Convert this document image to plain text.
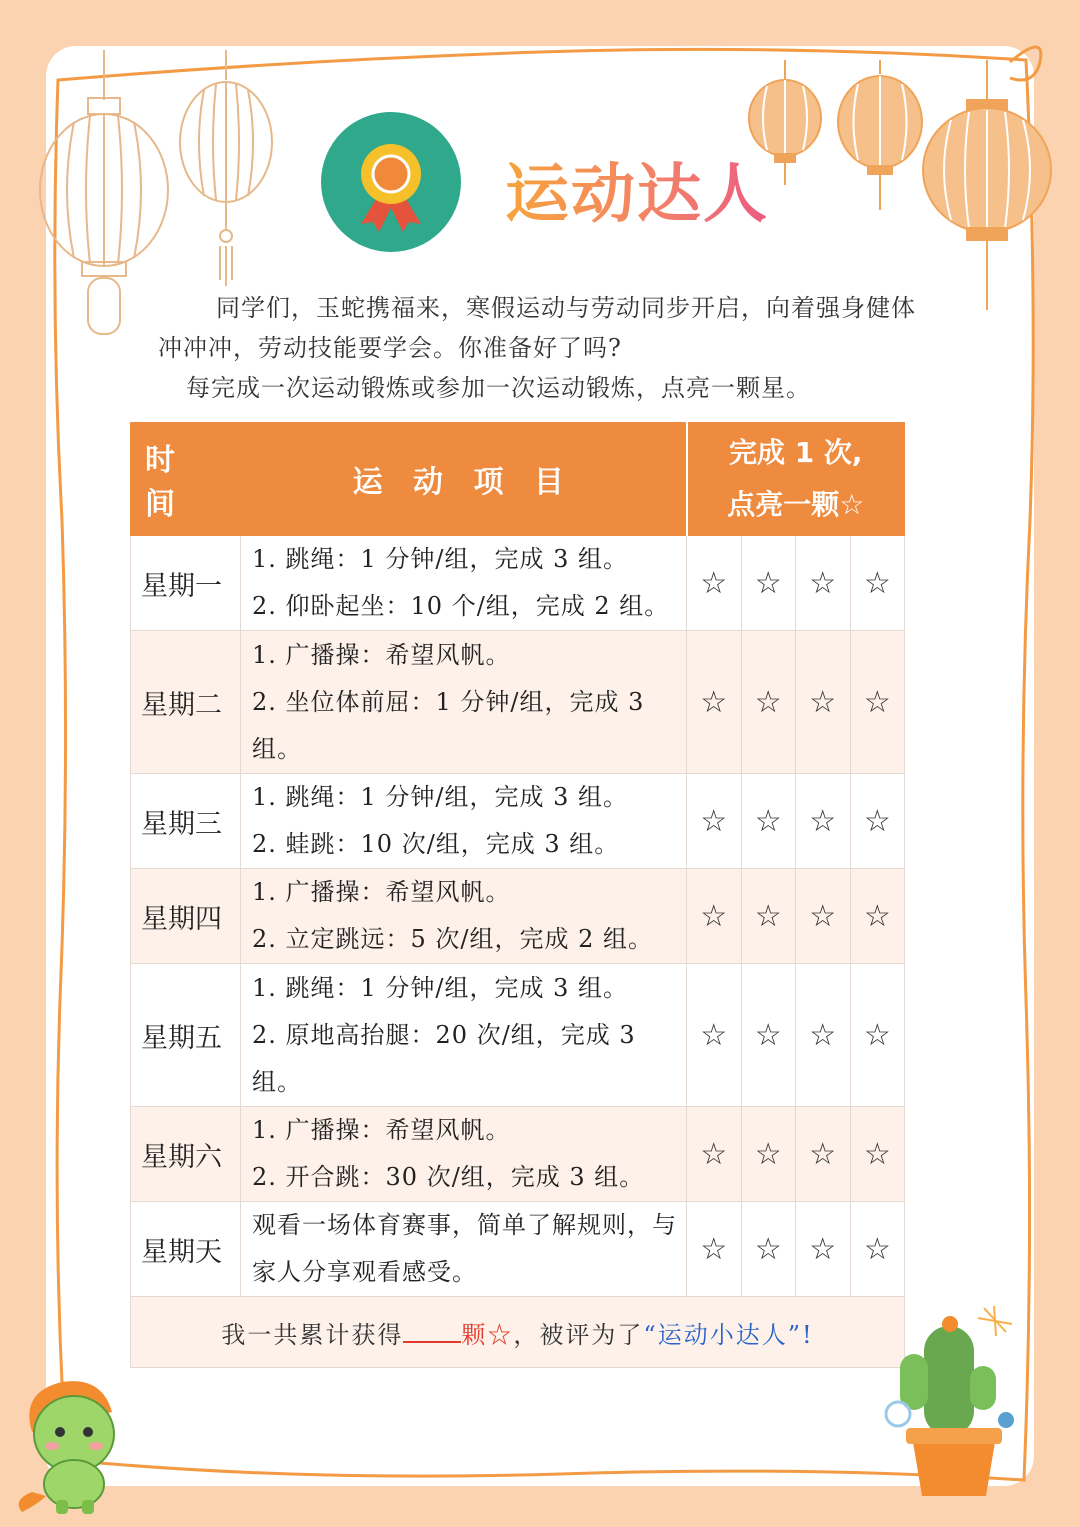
运动达人

同学们，玉蛇携福来，寒假运动与劳动同步开启，向着强身健体冲冲冲，劳动技能要学会。你准备好了吗?

每完成一次运动锻炼或参加一次运动锻炼，点亮一颗星。

时 间	运 动 项 目	完成 1 次,
点亮一颗☆			

星期一	1. 跳绳：1 分钟/组，完成 3 组。
2. 仰卧起坐：10 个/组，完成 2 组。	☆	☆	☆	☆
星期二	1. 广播操：希望风帆。
2. 坐位体前屈：1 分钟/组，完成 3 组。	☆	☆	☆	☆
星期三	1. 跳绳：1 分钟/组，完成 3 组。
2. 蛙跳：10 次/组，完成 3 组。	☆	☆	☆	☆
星期四	1. 广播操：希望风帆。
2. 立定跳远：5 次/组，完成 2 组。	☆	☆	☆	☆
星期五	1. 跳绳：1 分钟/组，完成 3 组。
2. 原地高抬腿：20 次/组，完成 3 组。	☆	☆	☆	☆
星期六	1. 广播操：希望风帆。
2. 开合跳：30 次/组，完成 3 组。	☆	☆	☆	☆
星期天	观看一场体育赛事，简单了解规则，与家人分享观看感受。	☆	☆	☆	☆
我一共累计获得 颗☆，被评为了“运动小达人”!					
